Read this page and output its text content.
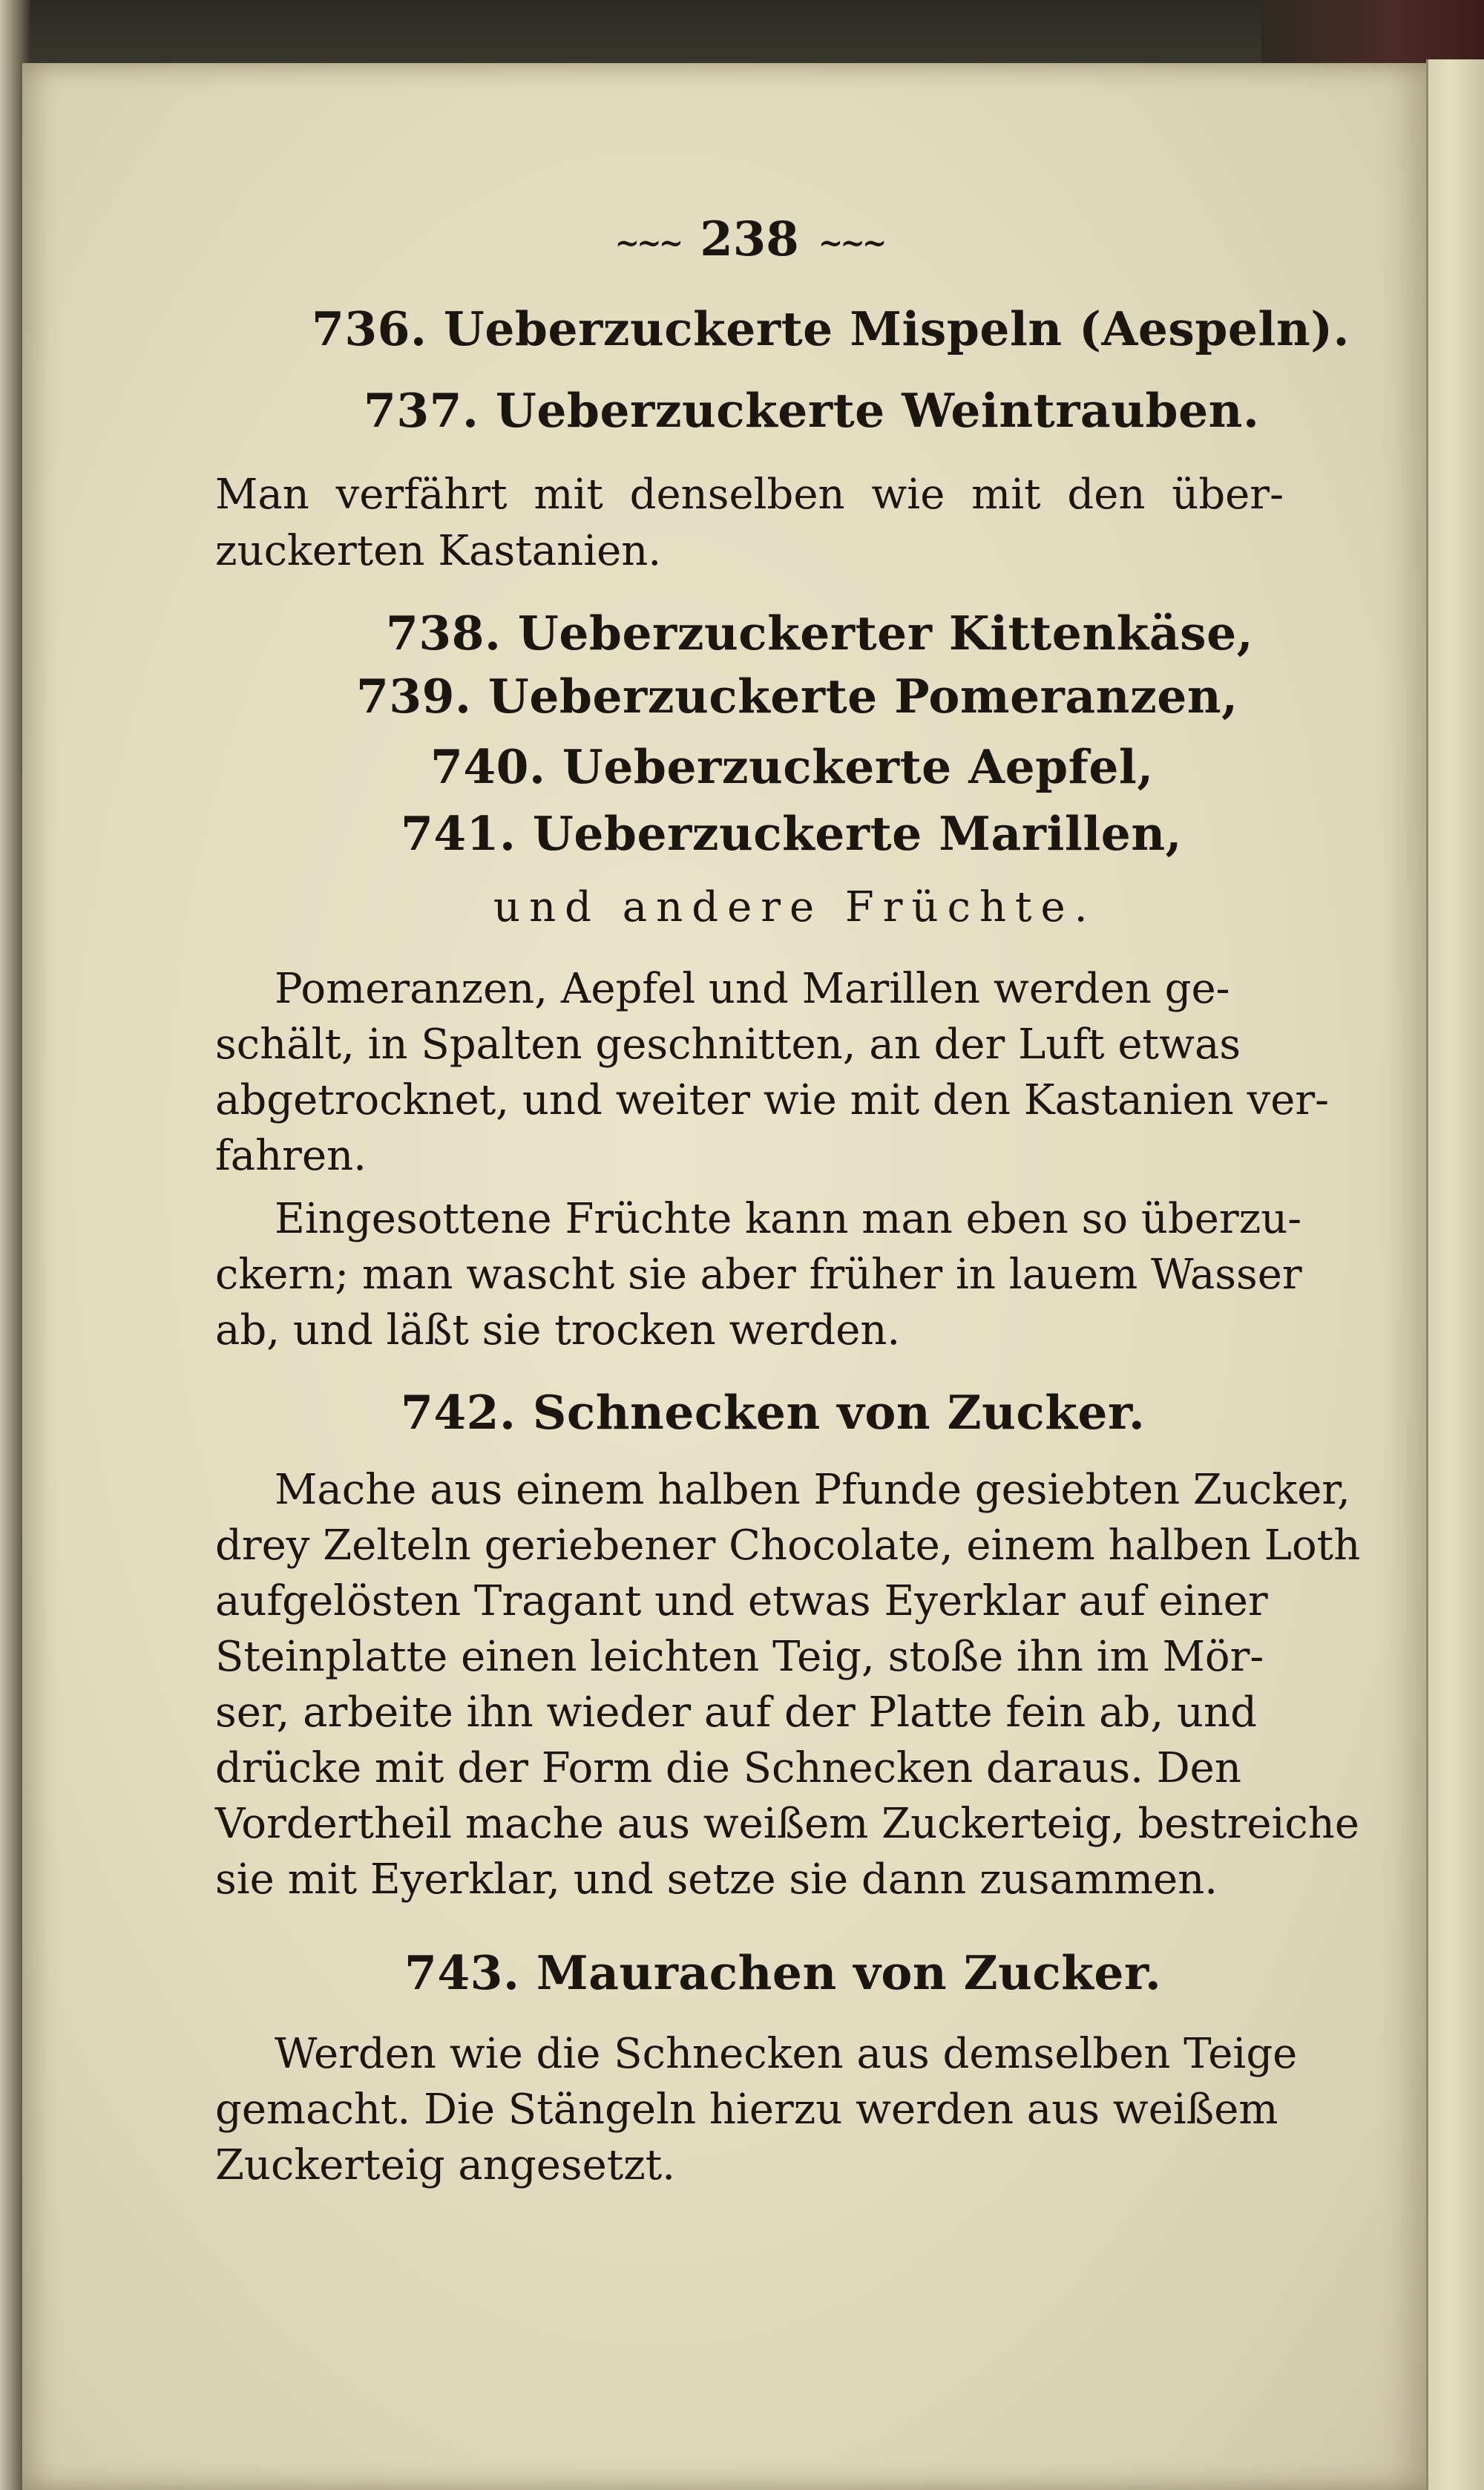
~~~ 238 ~~~
736. Ueberzuckerte Mispeln (Aespeln).
737. Ueberzuckerte Weintrauben.
Man verfährt mit denselben wie mit den über-
zuckerten Kastanien.
738. Ueberzuckerter Kittenkäse,
739. Ueberzuckerte Pomeranzen,
740. Ueberzuckerte Aepfel,
741. Ueberzuckerte Marillen,
und andere Früchte.
Pomeranzen, Aepfel und Marillen werden ge-
schält, in Spalten geschnitten, an der Luft etwas
abgetrocknet, und weiter wie mit den Kastanien ver-
fahren.
Eingesottene Früchte kann man eben so überzu-
ckern; man wascht sie aber früher in lauem Wasser
ab, und läßt sie trocken werden.
742. Schnecken von Zucker.
Mache aus einem halben Pfunde gesiebten Zucker,
drey Zelteln geriebener Chocolate, einem halben Loth
aufgelösten Tragant und etwas Eyerklar auf einer
Steinplatte einen leichten Teig, stoße ihn im Mör-
ser, arbeite ihn wieder auf der Platte fein ab, und
drücke mit der Form die Schnecken daraus. Den
Vordertheil mache aus weißem Zuckerteig, bestreiche
sie mit Eyerklar, und setze sie dann zusammen.
743. Maurachen von Zucker.
Werden wie die Schnecken aus demselben Teige
gemacht. Die Stängeln hierzu werden aus weißem
Zuckerteig angesetzt.
